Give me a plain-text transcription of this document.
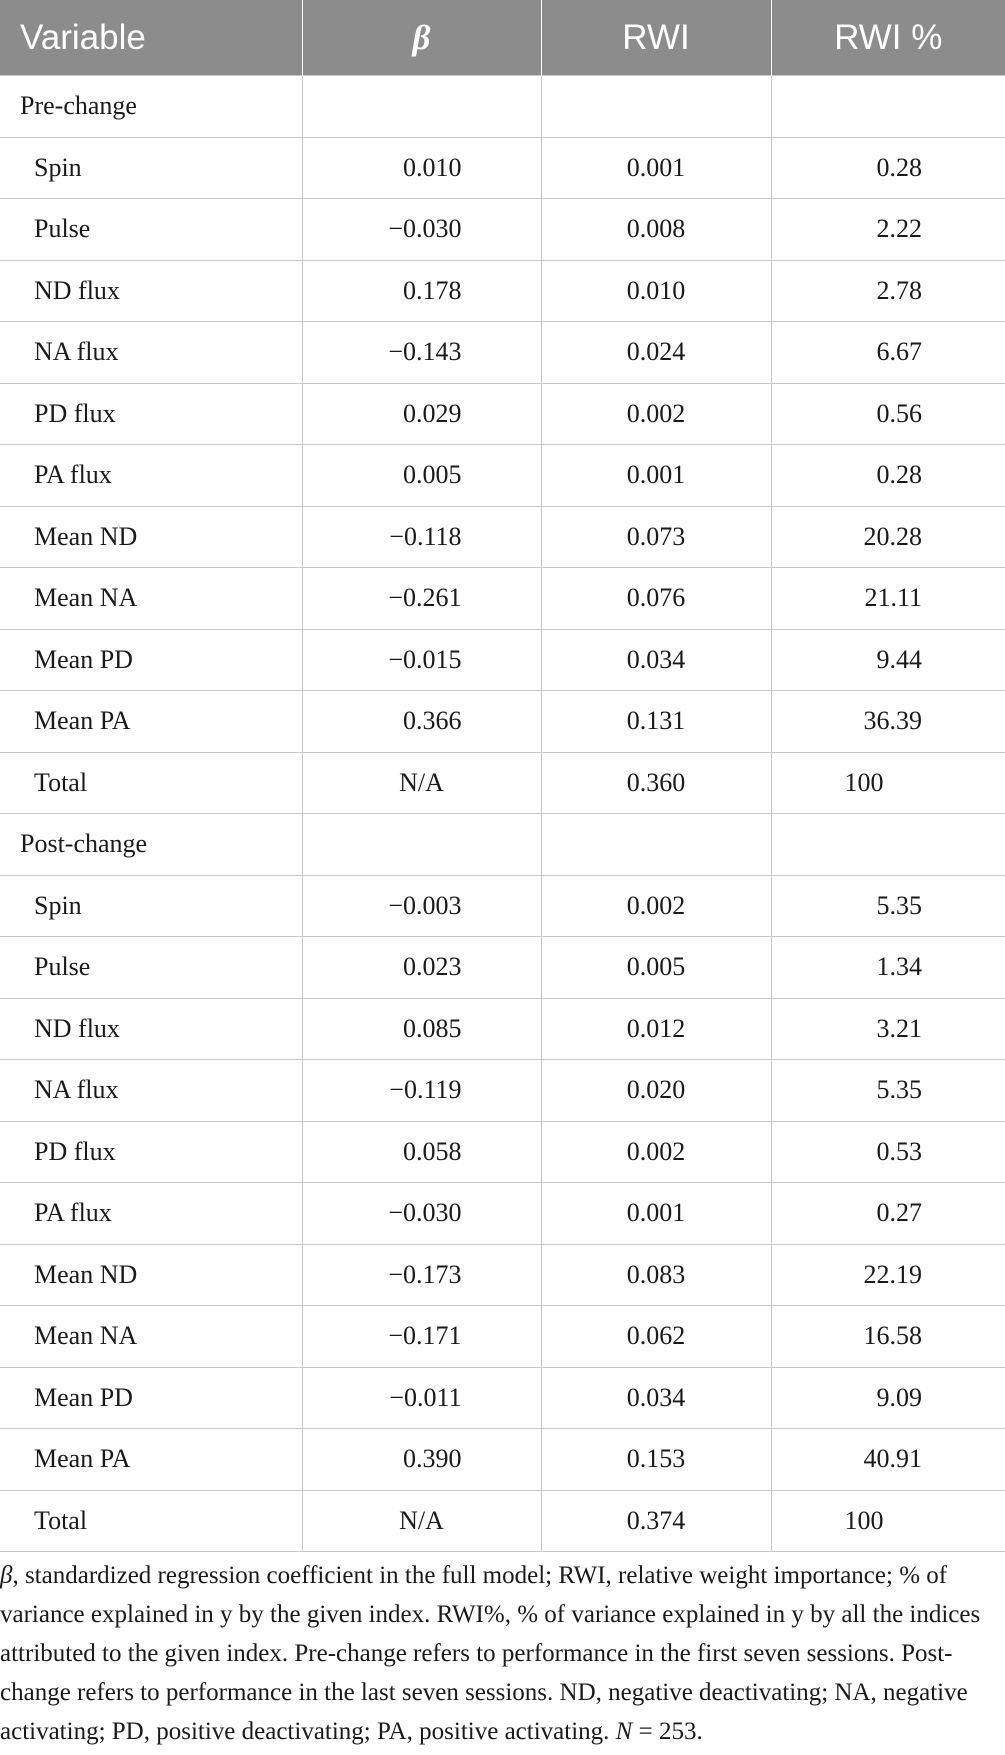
Variable	β	RWI	RWI %
Pre-change			
Spin	0.010	0.001	0.28
Pulse	−0.030	0.008	2.22
ND flux	0.178	0.010	2.78
NA flux	−0.143	0.024	6.67
PD flux	0.029	0.002	0.56
PA flux	0.005	0.001	0.28
Mean ND	−0.118	0.073	20.28
Mean NA	−0.261	0.076	21.11
Mean PD	−0.015	0.034	9.44
Mean PA	0.366	0.131	36.39
Total	N/A	0.360	100
Post-change			
Spin	−0.003	0.002	5.35
Pulse	0.023	0.005	1.34
ND flux	0.085	0.012	3.21
NA flux	−0.119	0.020	5.35
PD flux	0.058	0.002	0.53
PA flux	−0.030	0.001	0.27
Mean ND	−0.173	0.083	22.19
Mean NA	−0.171	0.062	16.58
Mean PD	−0.011	0.034	9.09
Mean PA	0.390	0.153	40.91
Total	N/A	0.374	100
β, standardized regression coefficient in the full model; RWI, relative weight importance; % of variance explained in y by the given index. RWI%, % of variance explained in y by all the indices attributed to the given index. Pre-change refers to performance in the first seven sessions. Post-change refers to performance in the last seven sessions. ND, negative deactivating; NA, negative activating; PD, positive deactivating; PA, positive activating. N = 253.
